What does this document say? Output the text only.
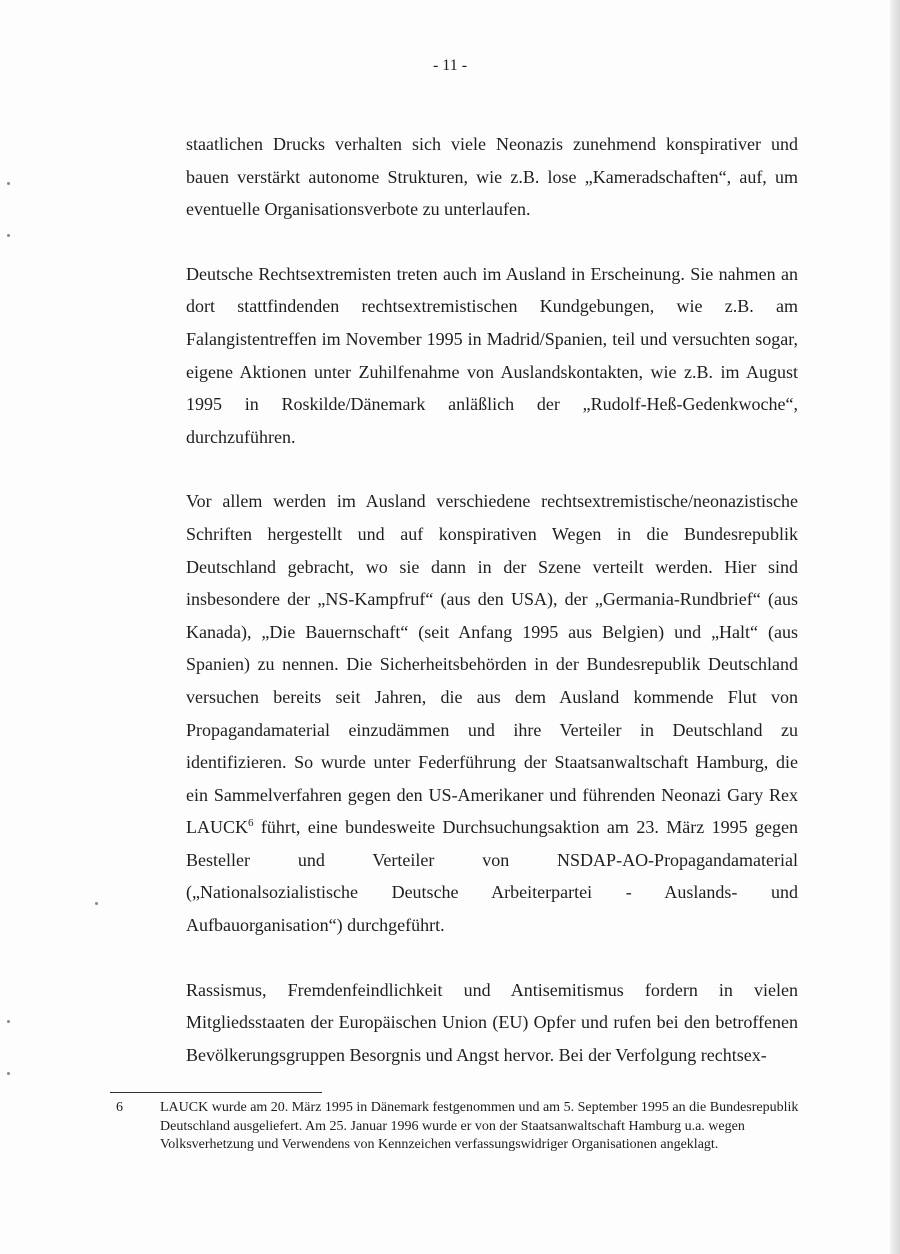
- 11 -

staatlichen Drucks verhalten sich viele Neonazis zunehmend konspirativer und bauen verstärkt autonome Strukturen, wie z.B. lose „Kameradschaften“, auf, um eventuelle Organisationsverbote zu unterlaufen.

Deutsche Rechtsextremisten treten auch im Ausland in Erscheinung. Sie nahmen an dort stattfindenden rechtsextremistischen Kundgebungen, wie z.B. am Falangistentreffen im November 1995 in Madrid/Spanien, teil und versuchten sogar, eigene Aktionen unter Zuhilfenahme von Auslandskontakten, wie z.B. im August 1995 in Roskilde/Dänemark anläßlich der „Rudolf-Heß-Gedenkwoche“, durchzuführen.

Vor allem werden im Ausland verschiedene rechtsextremistische/neonazistische Schriften hergestellt und auf konspirativen Wegen in die Bundesrepublik Deutschland gebracht, wo sie dann in der Szene verteilt werden. Hier sind insbesondere der „NS-Kampfruf“ (aus den USA), der „Germania-Rundbrief“ (aus Kanada), „Die Bauernschaft“ (seit Anfang 1995 aus Belgien) und „Halt“ (aus Spanien) zu nennen. Die Sicherheitsbehörden in der Bundesrepublik Deutschland versuchen bereits seit Jahren, die aus dem Ausland kommende Flut von Propagandamaterial einzudämmen und ihre Verteiler in Deutschland zu identifizieren. So wurde unter Federführung der Staatsanwaltschaft Hamburg, die ein Sammelverfahren gegen den US-Amerikaner und führenden Neonazi Gary Rex LAUCK$^6$ führt, eine bundesweite Durchsuchungsaktion am 23. März 1995 gegen Besteller und Verteiler von NSDAP-AO-Propagandamaterial („Nationalsozialistische Deutsche Arbeiterpartei - Auslands- und Aufbauorganisation“) durchgeführt.

Rassismus, Fremdenfeindlichkeit und Antisemitismus fordern in vielen Mitgliedsstaaten der Europäischen Union (EU) Opfer und rufen bei den betroffenen Bevölkerungsgruppen Besorgnis und Angst hervor. Bei der Verfolgung rechtsex-

6	LAUCK wurde am 20. März 1995 in Dänemark festgenommen und am 5. September 1995 an die Bundesrepublik Deutschland ausgeliefert. Am 25. Januar 1996 wurde er von der Staatsanwaltschaft Hamburg u.a. wegen Volksverhetzung und Verwendens von Kennzeichen verfassungswidriger Organisationen angeklagt.
